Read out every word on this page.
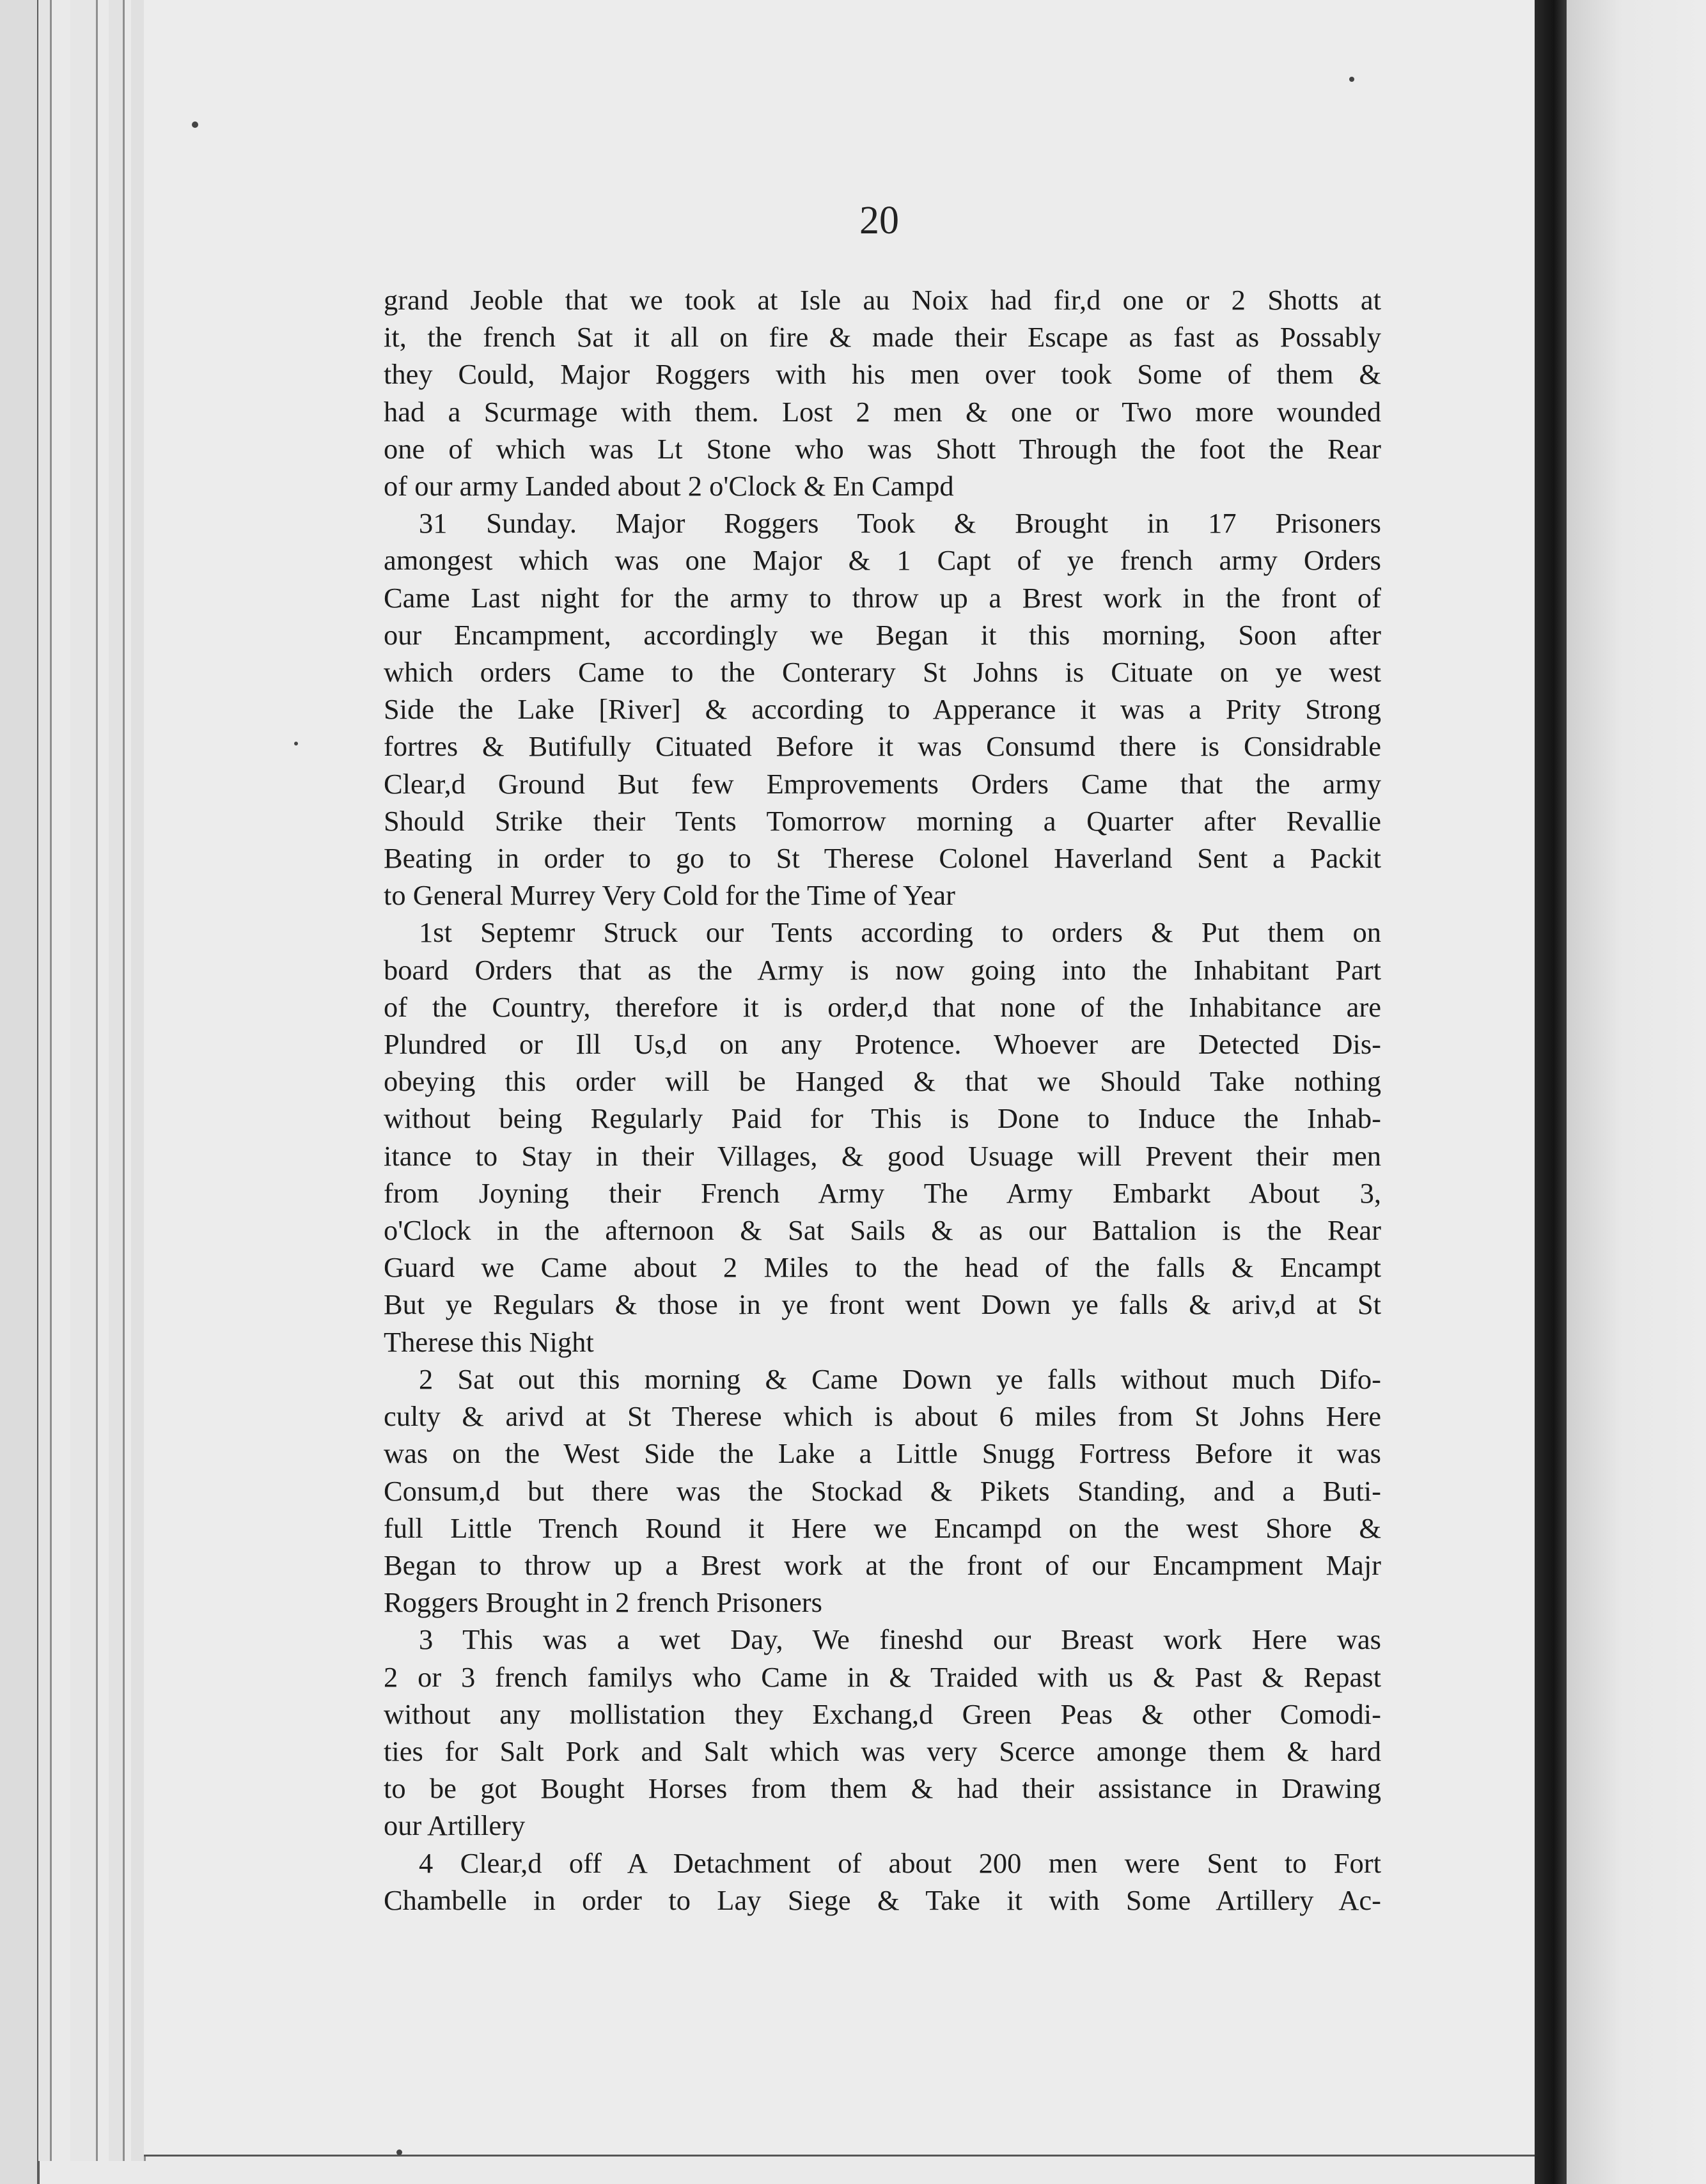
20
grand Jeoble that we took at Isle au Noix had fir,d one or 2 Shotts at
it, the french Sat it all on fire & made their Escape as fast as Possably
they Could, Major Roggers with his men over took Some of them &
had a Scurmage with them. Lost 2 men & one or Two more wounded
one of which was Lt Stone who was Shott Through the foot the Rear
of our army Landed about 2 o'Clock & En Campd
31 Sunday. Major Roggers Took & Brought in 17 Prisoners
amongest which was one Major & 1 Capt of ye french army Orders
Came Last night for the army to throw up a Brest work in the front of
our Encampment, accordingly we Began it this morning, Soon after
which orders Came to the Conterary St Johns is Cituate on ye west
Side the Lake [River] & according to Apperance it was a Prity Strong
fortres & Butifully Cituated Before it was Consumd there is Considrable
Clear,d Ground But few Emprovements Orders Came that the army
Should Strike their Tents Tomorrow morning a Quarter after Revallie
Beating in order to go to St Therese Colonel Haverland Sent a Packit
to General Murrey Very Cold for the Time of Year
1st Septemr Struck our Tents according to orders & Put them on
board Orders that as the Army is now going into the Inhabitant Part
of the Country, therefore it is order,d that none of the Inhabitance are
Plundred or Ill Us,d on any Protence. Whoever are Detected Dis-
obeying this order will be Hanged & that we Should Take nothing
without being Regularly Paid for This is Done to Induce the Inhab-
itance to Stay in their Villages, & good Usuage will Prevent their men
from Joyning their French Army The Army Embarkt About 3,
o'Clock in the afternoon & Sat Sails & as our Battalion is the Rear
Guard we Came about 2 Miles to the head of the falls & Encampt
But ye Regulars & those in ye front went Down ye falls & ariv,d at St
Therese this Night
2 Sat out this morning & Came Down ye falls without much Difo-
culty & arivd at St Therese which is about 6 miles from St Johns Here
was on the West Side the Lake a Little Snugg Fortress Before it was
Consum,d but there was the Stockad & Pikets Standing, and a Buti-
full Little Trench Round it Here we Encampd on the west Shore &
Began to throw up a Brest work at the front of our Encampment Majr
Roggers Brought in 2 french Prisoners
3 This was a wet Day, We fineshd our Breast work Here was
2 or 3 french familys who Came in & Traided with us & Past & Repast
without any mollistation they Exchang,d Green Peas & other Comodi-
ties for Salt Pork and Salt which was very Scerce amonge them & hard
to be got Bought Horses from them & had their assistance in Drawing
our Artillery
4 Clear,d off A Detachment of about 200 men were Sent to Fort
Chambelle in order to Lay Siege & Take it with Some Artillery Ac-
